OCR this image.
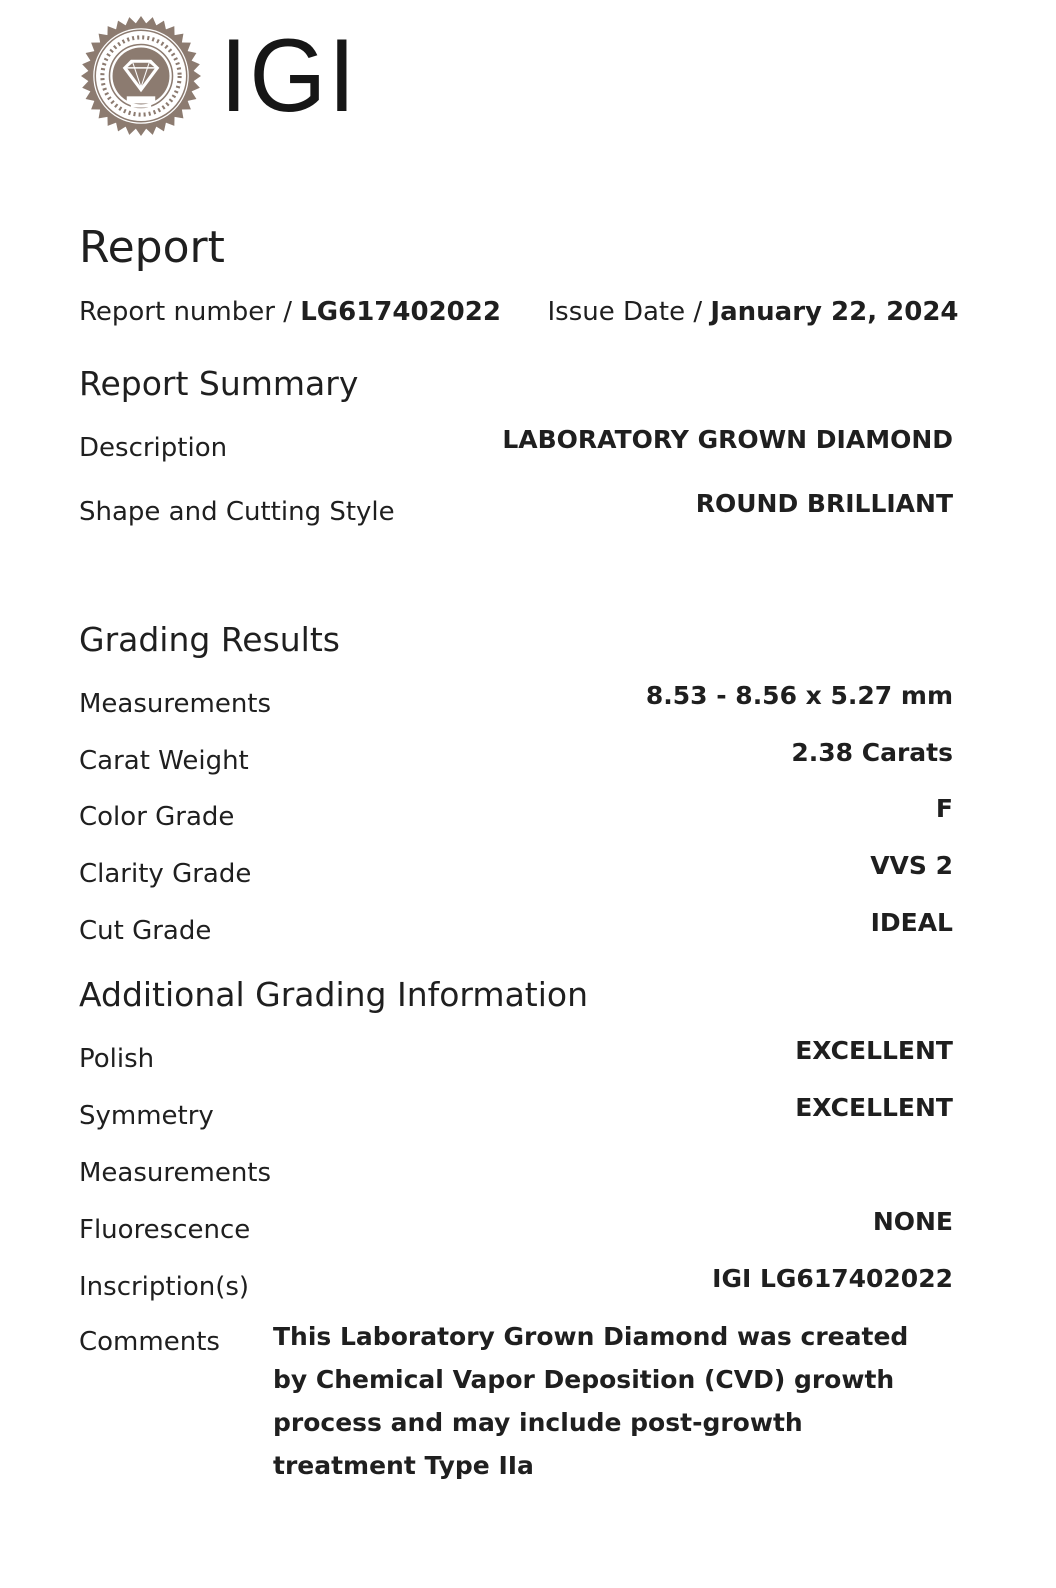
IGI
Report
Report number / LG617402022 Issue Date / January 22, 2024
Report Summary
Description	LABORATORY GROWN DIAMOND
Shape and Cutting Style	ROUND BRILLIANT
Grading Results
Measurements	8.53 - 8.56 x 5.27 mm
Carat Weight	2.38 Carats
Color Grade	F
Clarity Grade	VVS 2
Cut Grade	IDEAL
Additional Grading Information
Polish	EXCELLENT
Symmetry	EXCELLENT
Measurements
Fluorescence	NONE
Inscription(s)	IGI LG617402022
Comments This Laboratory Grown Diamond was created by Chemical Vapor Deposition (CVD) growth process and may include post-growth treatment Type IIa
